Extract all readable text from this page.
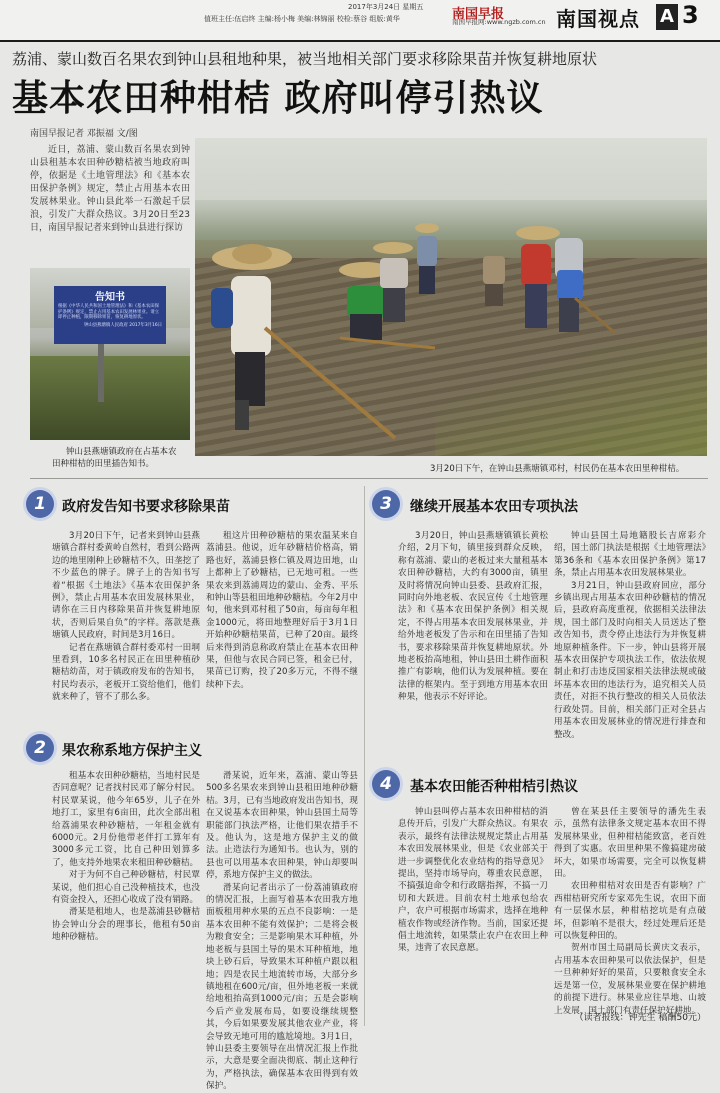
2017年3月24日 星期五
值班主任:伍启终 主编:杨小梅 美编:林锦丽 校检:蔡谷 组版:黄华	南国早报
南国早报网:www.ngzb.com.cn 南国视点 A 3
荔浦、蒙山数百名果农到钟山县租地种果，被当地相关部门要求移除果苗并恢复耕地原状
基本农田种柑桔 政府叫停引热议
南国早报记者 邓振福 文/图
近日，荔浦、蒙山数百名果农到钟山县租基本农田种砂糖桔被当地政府叫停，依据是《土地管理法》和《基本农田保护条例》规定，禁止占用基本农田发展林果业。钟山县此举一石激起千层浪，引发广大群众热议。3月20日至23日，南国早报记者来到钟山县进行探访
告知书
根据《中华人民共和国土地管理法》和《基本农田保护条例》规定，禁止占用基本农田发展林果业。请立即停止种植，限期移除果苗，恢复耕地原状。
钟山县燕塘镇人民政府 2017年3月16日
钟山县燕塘镇政府在占基本农田种柑桔的田里插告知书。	3月20日下午，在钟山县燕塘镇邓村，村民仍在基本农田里种柑桔。
1	政府发告知书要求移除果苗

3月20日下午，记者来到钟山县燕塘镇合群村委黄岭自然村，看到公路两边的地里刚种上砂糖桔不久，田垄挖了不少蓝色的牌子。牌子上的告知书写着“根据《土地法》《基本农田保护条例》，禁止占用基本农田发展林果业，请你在三日内移除果苗并恢复耕地原状，否则后果自负”的字样。落款是燕塘镇人民政府，时间是3月16日。

记者在燕塘镇合群村委邓村一田垌里看到，10多名村民正在田里种植砂糖桔幼苗，对于镇政府发布的告知书，村民均表示，老板开工资给他们，他们就来种了，管不了那么多。

租这片田种砂糖桔的果农温某来自荔浦县。他说，近年砂糖桔价格高，销路也好，荔浦县修仁镇及周边田地，山上都种上了砂糖桔，已无地可租。一些果农来到荔浦周边的蒙山、金秀、平乐和钟山等县租田地种砂糖桔。今年2月中旬，他来到邓村租了50亩，每亩每年租金1000元，将田地整理好后于3月1日开始种砂糖桔果苗，已种了20亩。最终后来得到消息称政府禁止在基本农田种果，但他与农民合同已签，租金已付，果苗已订购，投了20多万元，不得不继续种下去。

2	果农称系地方保护主义

租基本农田种砂糖桔，当地村民是否同意呢？记者找村民邓了解分村民。村民覃某说，他今年65岁，儿子在外地打工，家里有6亩田，此次全部出租给荔浦果农种砂糖桔，一年租金就有6000元。2月份他带老伴打工算年有3000多元工资，比自己种田划算多了，他支持外地果农来租田种砂糖桔。

对于为何不自己种砂糖桔，村民覃某说，他们担心自己没种植技术，也没有资金投入，还担心收成了没有销路。

滑某是租地人，也是荔浦县砂糖桔协会钟山分会的理事长，他租有50亩地种砂糖桔。

滑某说，近年来，荔浦、蒙山等县500多名果农来到钟山县租田地种砂糖桔。3月，已有当地政府发出告知书，现在又说基本农田种果，钟山县国土局等职能部门执法严格，让他们果农措手不及。他认为，这是地方保护主义的做法。止造法行为通知书。也认为，别的县也可以用基本农田种果，钟山却要叫停，系地方保护主义的做法。

滑某向记者出示了一份荔浦镇政府的情况汇报，上面写着基本农田我方地面板租用种水果的五点不良影响：一是基本农田种不能有效保护；二是将会极为粮食安全；三是影响果木耳种植，外地老板与县国土导的果木耳种植地，地块上砂石后，导致果木耳种植户跟以租地；四是农民土地流转市场，大部分乡镇地租在600元/亩，但外地老板一来就给地租抬高到1000元/亩；五是会影响今后产业发展布局，如要设继续规整其，今后如果要发展其他农业产业，将会导致无地可用的尴尬境地。3月1日，钟山县委主要领导在出情况汇报上作批示，大意是要全面决彻底、制止这种行为，严格执法，确保基本农田得到有效保护。

3	继续开展基本农田专项执法

3月20日，钟山县燕塘镇镇长黄松介绍，2月下旬，镇里接到群众反映，称有荔浦、蒙山的老板过来大量租基本农田种砂糖桔，大约有3000亩，镇里及时将情况向钟山县委、县政府汇报，同时向外地老板、农民宣传《土地管理法》和《基本农田保护条例》相关规定，不得占用基本农田发展林果业，并给外地老板发了告示和在田里插了告知书，要求移除果苗并恢复耕地原状。外地老板抬高地租，钟山县田土耕作面积推广有影响，他们认为发展种植。要在法律的框架内。至于到地方用基本农田种果，他表示不好评论。

钟山县国土局地籍股长吉席彩介绍，国土部门执法是根据《土地管理法》第36条和《基本农田保护条例》第17条，禁止占用基本农田发展林果业。

3月21日，钟山县政府回应，部分乡镇出现占用基本农田种砂糖桔的情况后，县政府高度重视，依据相关法律法规，国土部门及时向相关人员送达了整改告知书，责令停止违法行为并恢复耕地原种植条件。下一步，钟山县将开展基本农田保护专项执法工作，依法依规制止和打击违反国家相关法律法规或破坏基本农田的违法行为，追究相关人员责任，对拒不执行整改的相关人员依法行政处罚。目前，相关部门正对全县占用基本农田发展林业的情况进行排查和整改。

4	基本农田能否种柑桔引热议

钟山县叫停占基本农田种柑桔的消息传开后，引发广大群众热议。有果农表示，最终有法律法规规定禁止占用基本农田发展林果业，但是《农业部关于进一步调整优化农业结构的指导意见》提出，坚持市场导向，尊重农民意愿，不搞强迫命令和行政瞎指挥，不搞一刀切和大跃进。目前农村土地承包给农户，农户可根据市场需求，选择在地种植农作物或经济作物。当前，国家还提倡土地流转，如果禁止农户在农田上种果，违背了农民意愿。

曾在某县任主要领导的潘先生表示，虽然有法律条文规定基本农田不得发展林果业，但种柑桔能致富，老百姓得到了实惠。农田里种果不像搞建房破坏大，如果市场需要，完全可以恢复耕田。

农田种柑桔对农田是否有影响？广西柑桔研究所专家邓先生说，农田下面有一层保水层，种柑桔挖坑是有点破坏，但影响不是很大，经过处理后还是可以恢复种田的。

贺州市国土局副局长黄庆文表示，占用基本农田种果可以依法保护，但是一旦种种好好的果苗，只要粮食安全永远是第一位，发展林果业要在保护耕地的前提下进行。林果业应往旱地、山坡上发展，国土部门有责任保护好耕地。

（读者报线：钟先生 稿酬50元）
